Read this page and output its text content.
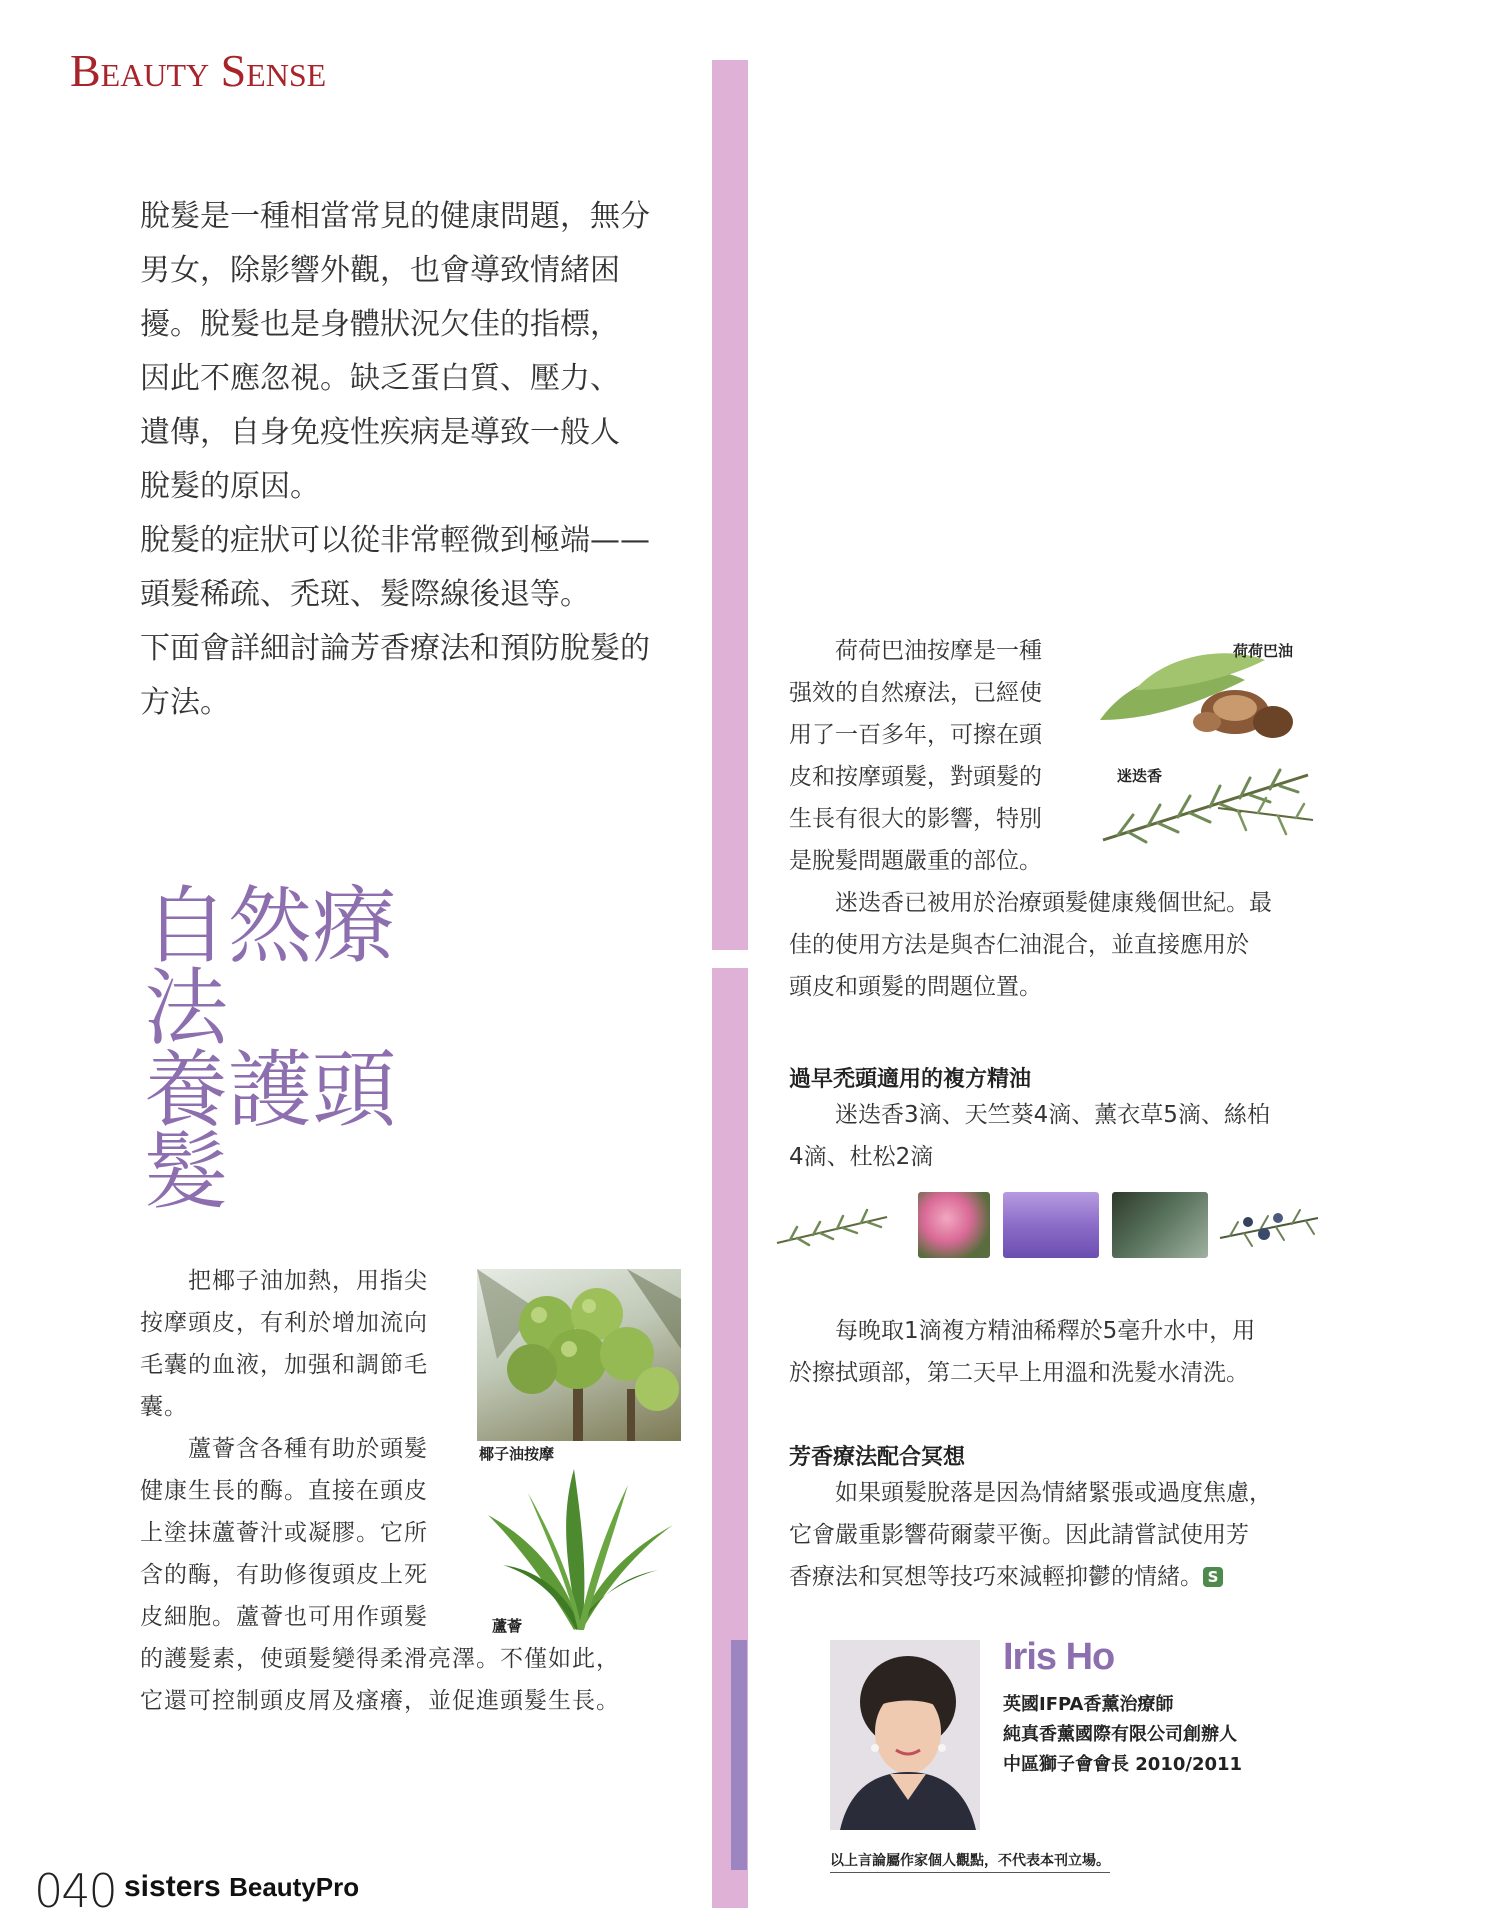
Beauty Sense

脫髮是一種相當常見的健康問題，無分

男女，除影響外觀，也會導致情緒困

擾。脫髮也是身體狀況欠佳的指標，

因此不應忽視。缺乏蛋白質、壓力、

遺傳，自身免疫性疾病是導致一般人

脫髮的原因。

脫髮的症狀可以從非常輕微到極端——

頭髮稀疏、禿斑、髮際線後退等。

下面會詳細討論芳香療法和預防脫髮的

方法。

自然療法
養護頭髮

把椰子油加熱，用指尖

按摩頭皮，有利於增加流向

毛囊的血液，加强和調節毛

囊。

椰子油按摩

蘆薈含各種有助於頭髮

健康生長的酶。直接在頭皮

上塗抹蘆薈汁或凝膠。它所

含的酶，有助修復頭皮上死

皮細胞。蘆薈也可用作頭髮	蘆薈

的護髮素，使頭髮變得柔滑亮澤。不僅如此，

它還可控制頭皮屑及瘙癢，並促進頭髮生長。

荷荷巴油按摩是一種

强效的自然療法，已經使

用了一百多年，可擦在頭

皮和按摩頭髮，對頭髮的

生長有很大的影響，特別

是脫髮問題嚴重的部位。

荷荷巴油
迷迭香

迷迭香已被用於治療頭髮健康幾個世紀。最

佳的使用方法是與杏仁油混合，並直接應用於

頭皮和頭髮的問題位置。

過早禿頭適用的複方精油

迷迭香3滴、天竺葵4滴、薰衣草5滴、絲柏

4滴、杜松2滴

每晚取1滴複方精油稀釋於5毫升水中，用

於擦拭頭部，第二天早上用溫和洗髮水清洗。

芳香療法配合冥想

如果頭髮脫落是因為情緒緊張或過度焦慮，

它會嚴重影響荷爾蒙平衡。因此請嘗試使用芳

香療法和冥想等技巧來減輕抑鬱的情緒。 S

Iris Ho
英國IFPA香薰治療師
純真香薰國際有限公司創辦人
中區獅子會會長 2010/2011
以上言論屬作家個人觀點，不代表本刊立場。
040 sisters BeautyPro
